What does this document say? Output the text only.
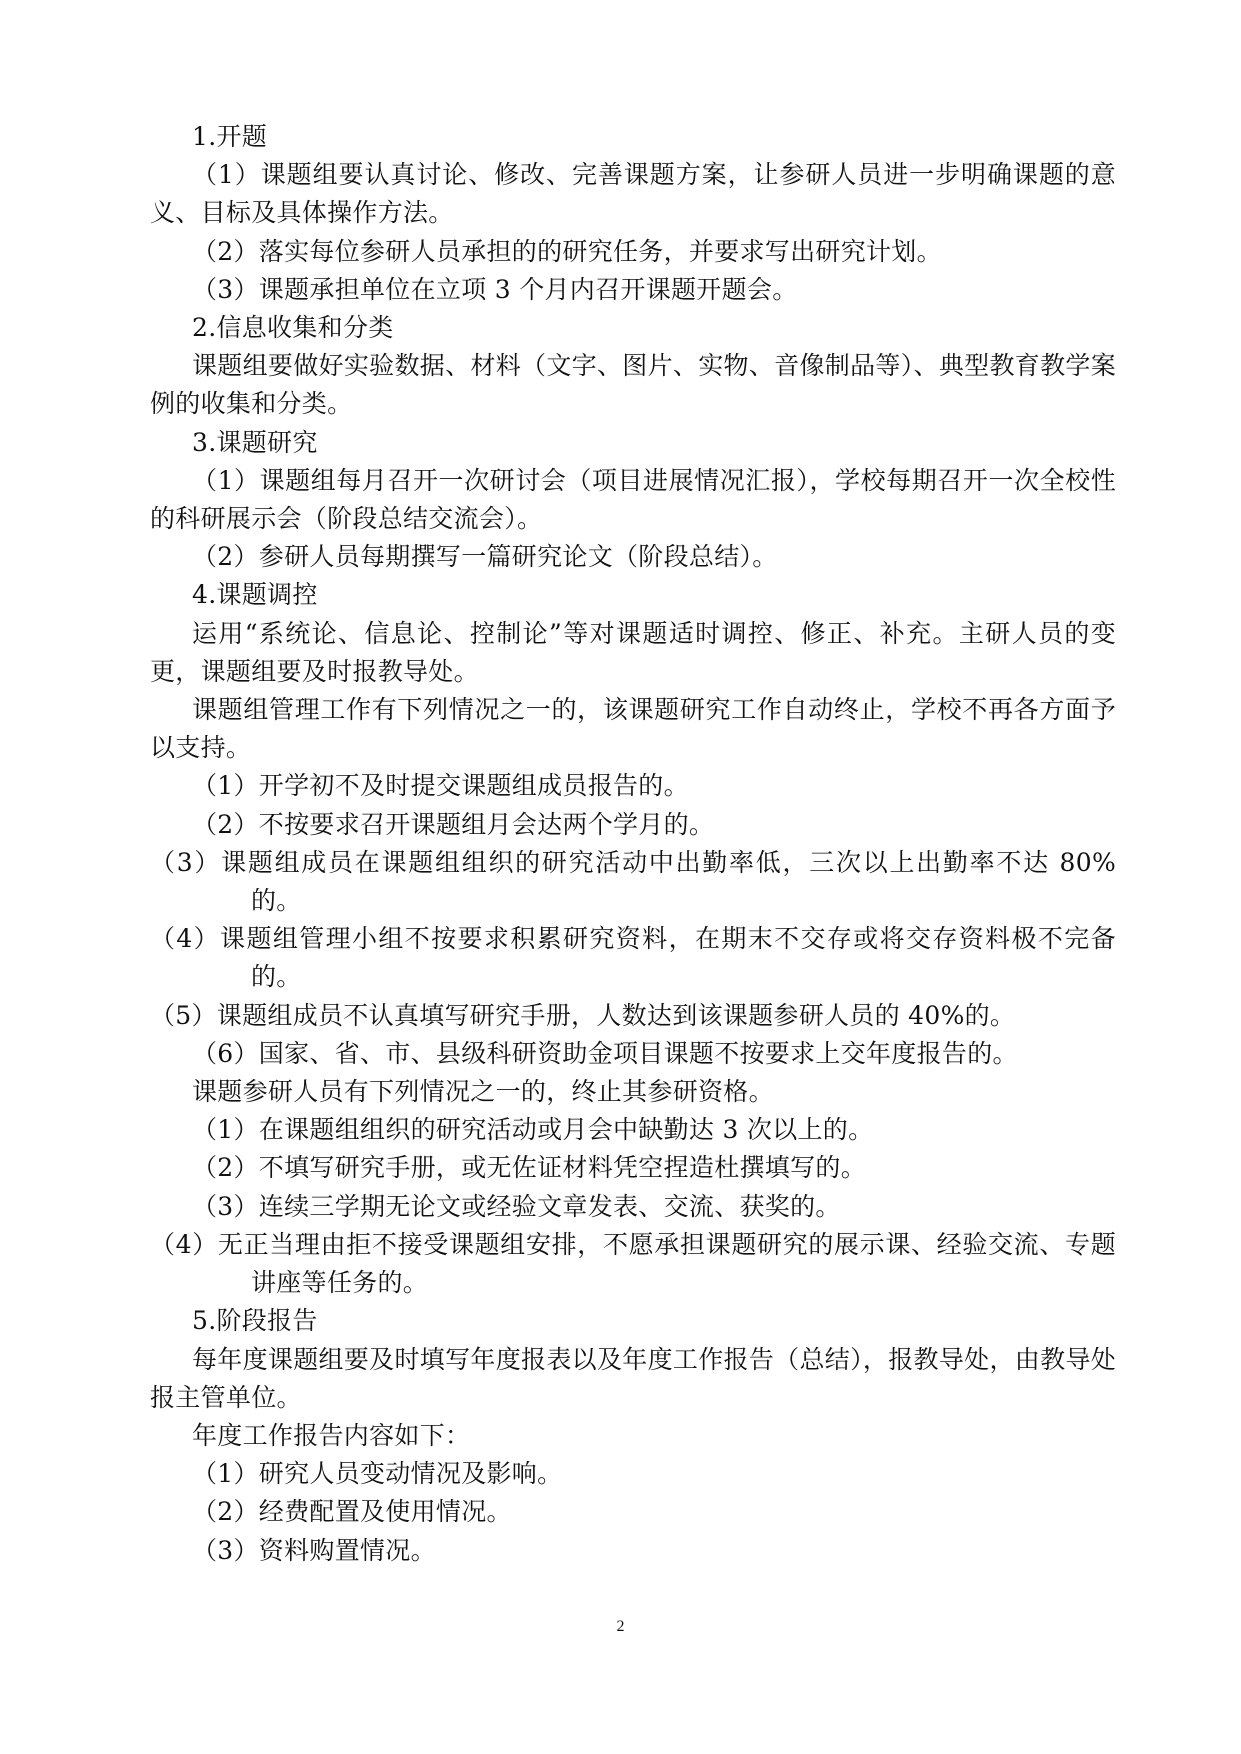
1.开题

（1）课题组要认真讨论、修改、完善课题方案，让参研人员进一步明确课题的意义、目标及具体操作方法。

（2）落实每位参研人员承担的的研究任务，并要求写出研究计划。

（3）课题承担单位在立项 3 个月内召开课题开题会。

2.信息收集和分类

课题组要做好实验数据、材料（文字、图片、实物、音像制品等）、典型教育教学案例的收集和分类。

3.课题研究

（1）课题组每月召开一次研讨会（项目进展情况汇报），学校每期召开一次全校性的科研展示会（阶段总结交流会）。

（2）参研人员每期撰写一篇研究论文（阶段总结）。

4.课题调控

运用“系统论、信息论、控制论”等对课题适时调控、修正、补充。主研人员的变更，课题组要及时报教导处。

课题组管理工作有下列情况之一的，该课题研究工作自动终止，学校不再各方面予以支持。

（1）开学初不及时提交课题组成员报告的。

（2）不按要求召开课题组月会达两个学月的。

（3）课题组成员在课题组组织的研究活动中出勤率低，三次以上出勤率不达 80%的。

（4）课题组管理小组不按要求积累研究资料，在期末不交存或将交存资料极不完备的。

（5）课题组成员不认真填写研究手册，人数达到该课题参研人员的 40%的。

（6）国家、省、市、县级科研资助金项目课题不按要求上交年度报告的。

课题参研人员有下列情况之一的，终止其参研资格。

（1）在课题组组织的研究活动或月会中缺勤达 3 次以上的。

（2）不填写研究手册，或无佐证材料凭空捏造杜撰填写的。

（3）连续三学期无论文或经验文章发表、交流、获奖的。

（4）无正当理由拒不接受课题组安排，不愿承担课题研究的展示课、经验交流、专题讲座等任务的。

5.阶段报告

每年度课题组要及时填写年度报表以及年度工作报告（总结），报教导处，由教导处报主管单位。

年度工作报告内容如下：

（1）研究人员变动情况及影响。

（2）经费配置及使用情况。

（3）资料购置情况。

2
